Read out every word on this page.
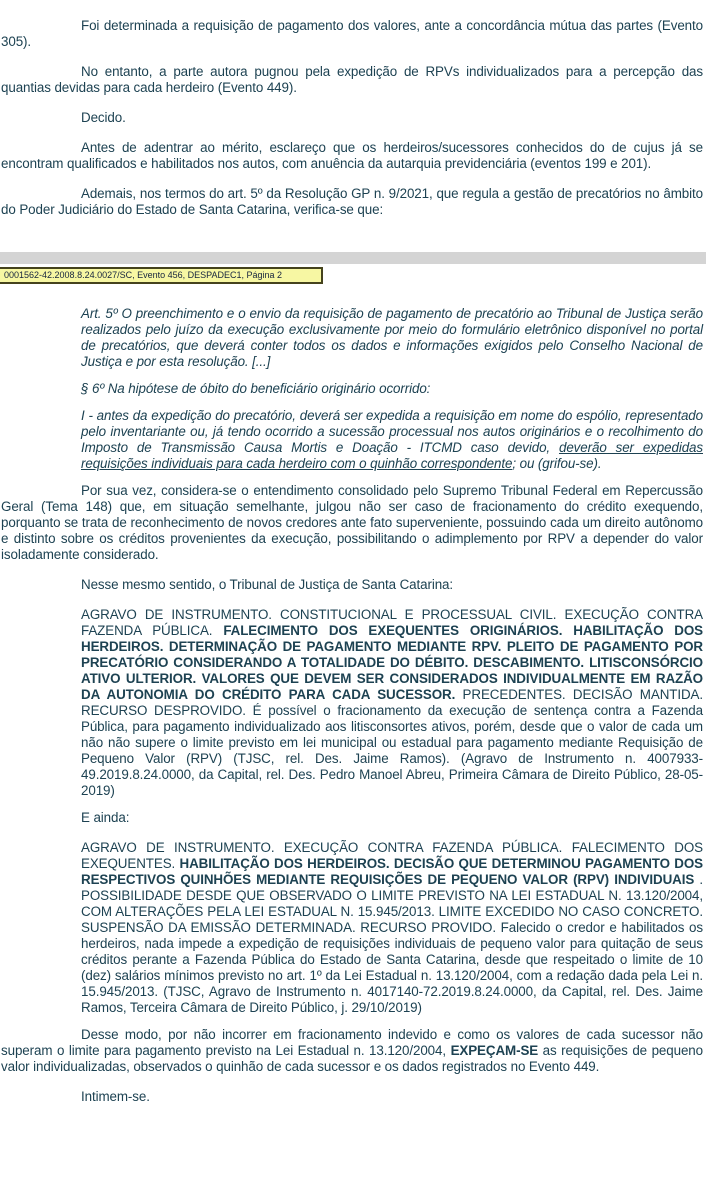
Foi determinada a requisição de pagamento dos valores, ante a concordância mútua das partes (Evento 305).

No entanto, a parte autora pugnou pela expedição de RPVs individualizados para a percepção das quantias devidas para cada herdeiro (Evento 449).

Decido.

Antes de adentrar ao mérito, esclareço que os herdeiros/sucessores conhecidos do de cujus já se encontram qualificados e habilitados nos autos, com anuência da autarquia previdenciária (eventos 199 e 201).

Ademais, nos termos do art. 5º da Resolução GP n. 9/2021, que regula a gestão de precatórios no âmbito do Poder Judiciário do Estado de Santa Catarina, verifica-se que:

0001562-42.2008.8.24.0027/SC, Evento 456, DESPADEC1, Página 2

Art. 5º O preenchimento e o envio da requisição de pagamento de precatório ao Tribunal de Justiça serão realizados pelo juízo da execução exclusivamente por meio do formulário eletrônico disponível no portal de precatórios, que deverá conter todos os dados e informações exigidos pelo Conselho Nacional de Justiça e por esta resolução. [...]

§ 6º Na hipótese de óbito do beneficiário originário ocorrido:

I - antes da expedição do precatório, deverá ser expedida a requisição em nome do espólio, representado pelo inventariante ou, já tendo ocorrido a sucessão processual nos autos originários e o recolhimento do Imposto de Transmissão Causa Mortis e Doação - ITCMD caso devido, deverão ser expedidas requisições individuais para cada herdeiro com o quinhão correspondente; ou (grifou-se).

Por sua vez, considera-se o entendimento consolidado pelo Supremo Tribunal Federal em Repercussão Geral (Tema 148) que, em situação semelhante, julgou não ser caso de fracionamento do crédito exequendo, porquanto se trata de reconhecimento de novos credores ante fato superveniente, possuindo cada um direito autônomo e distinto sobre os créditos provenientes da execução, possibilitando o adimplemento por RPV a depender do valor isoladamente considerado.

Nesse mesmo sentido, o Tribunal de Justiça de Santa Catarina:

AGRAVO DE INSTRUMENTO. CONSTITUCIONAL E PROCESSUAL CIVIL. EXECUÇÃO CONTRA FAZENDA PÚBLICA. FALECIMENTO DOS EXEQUENTES ORIGINÁRIOS. HABILITAÇÃO DOS HERDEIROS. DETERMINAÇÃO DE PAGAMENTO MEDIANTE RPV. PLEITO DE PAGAMENTO POR PRECATÓRIO CONSIDERANDO A TOTALIDADE DO DÉBITO. DESCABIMENTO. LITISCONSÓRCIO ATIVO ULTERIOR. VALORES QUE DEVEM SER CONSIDERADOS INDIVIDUALMENTE EM RAZÃO DA AUTONOMIA DO CRÉDITO PARA CADA SUCESSOR. PRECEDENTES. DECISÃO MANTIDA. RECURSO DESPROVIDO. É possível o fracionamento da execução de sentença contra a Fazenda Pública, para pagamento individualizado aos litisconsortes ativos, porém, desde que o valor de cada um não não supere o limite previsto em lei municipal ou estadual para pagamento mediante Requisição de Pequeno Valor (RPV) (TJSC, rel. Des. Jaime Ramos). (Agravo de Instrumento n. 4007933-49.2019.8.24.0000, da Capital, rel. Des. Pedro Manoel Abreu, Primeira Câmara de Direito Público, 28-05-2019)

E ainda:

AGRAVO DE INSTRUMENTO. EXECUÇÃO CONTRA FAZENDA PÚBLICA. FALECIMENTO DOS EXEQUENTES. HABILITAÇÃO DOS HERDEIROS. DECISÃO QUE DETERMINOU PAGAMENTO DOS RESPECTIVOS QUINHÕES MEDIANTE REQUISIÇÕES DE PEQUENO VALOR (RPV) INDIVIDUAIS . POSSIBILIDADE DESDE QUE OBSERVADO O LIMITE PREVISTO NA LEI ESTADUAL N. 13.120/2004, COM ALTERAÇÕES PELA LEI ESTADUAL N. 15.945/2013. LIMITE EXCEDIDO NO CASO CONCRETO. SUSPENSÃO DA EMISSÃO DETERMINADA. RECURSO PROVIDO. Falecido o credor e habilitados os herdeiros, nada impede a expedição de requisições individuais de pequeno valor para quitação de seus créditos perante a Fazenda Pública do Estado de Santa Catarina, desde que respeitado o limite de 10 (dez) salários mínimos previsto no art. 1º da Lei Estadual n. 13.120/2004, com a redação dada pela Lei n. 15.945/2013. (TJSC, Agravo de Instrumento n. 4017140-72.2019.8.24.0000, da Capital, rel. Des. Jaime Ramos, Terceira Câmara de Direito Público, j. 29/10/2019)

Desse modo, por não incorrer em fracionamento indevido e como os valores de cada sucessor não superam o limite para pagamento previsto na Lei Estadual n. 13.120/2004, EXPEÇAM-SE as requisições de pequeno valor individualizadas, observados o quinhão de cada sucessor e os dados registrados no Evento 449.

Intimem-se.
